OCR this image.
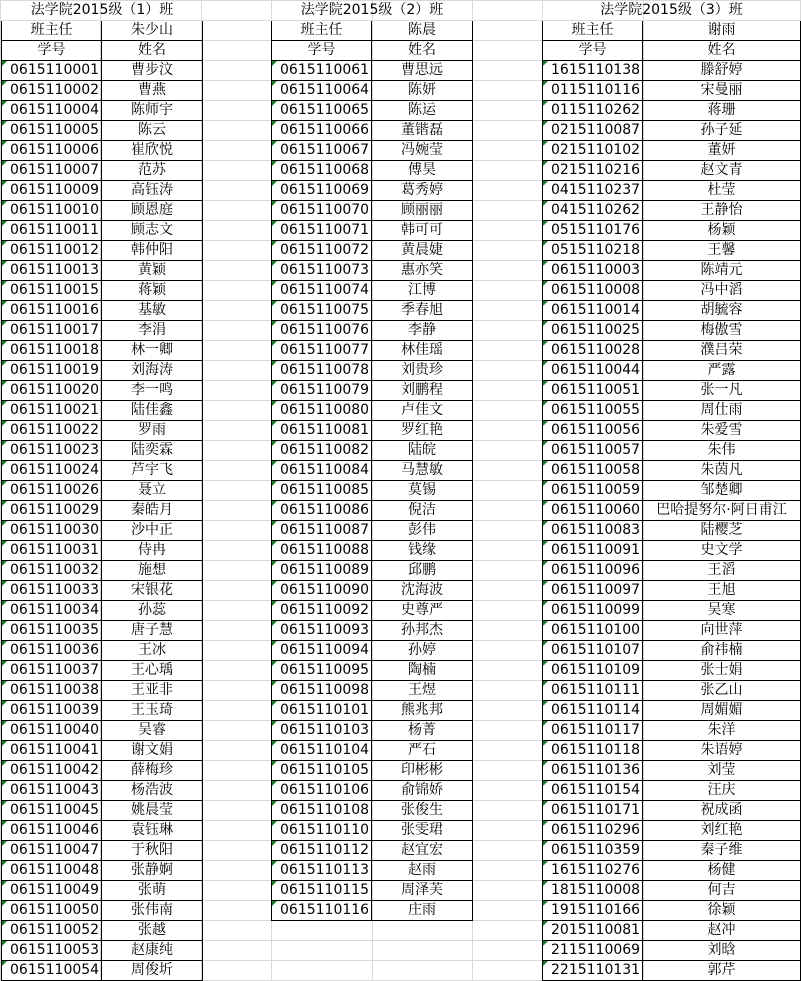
法学院2015级（1）班	
班主任	朱少山
学号	姓名
0615110001	曹步汶
0615110002	曹燕
0615110004	陈师宇
0615110005	陈云
0615110006	崔欣悦
0615110007	范苏
0615110009	高钰涛
0615110010	顾恩庭
0615110011	顾志文
0615110012	韩仲阳
0615110013	黄颖
0615110015	蒋颖
0615110016	基敏
0615110017	李涓
0615110018	林一卿
0615110019	刘海涛
0615110020	李一鸣
0615110021	陆佳鑫
0615110022	罗雨
0615110023	陆奕霖
0615110024	芦宇飞
0615110026	聂立
0615110029	秦皓月
0615110030	沙中正
0615110031	侍冉
0615110032	施想
0615110033	宋银花
0615110034	孙蕊
0615110035	唐子慧
0615110036	王冰
0615110037	王心瑀
0615110038	王亚非
0615110039	王玉琦
0615110040	吴睿
0615110041	谢文娟
0615110042	薛梅珍
0615110043	杨浩波
0615110045	姚晨莹
0615110046	袁钰琳
0615110047	于秋阳
0615110048	张静婀
0615110049	张萌
0615110050	张伟南
0615110052	张越
0615110053	赵康纯
0615110054	周俊圻
法学院2015级（2）班	
班主任	陈晨
学号	姓名
0615110061	曹思远
0615110064	陈妍
0615110065	陈运
0615110066	董锴磊
0615110067	冯婉莹
0615110068	傅昊
0615110069	葛秀婷
0615110070	顾丽丽
0615110071	韩可可
0615110072	黄晨婕
0615110073	惠亦笑
0615110074	江博
0615110075	季春旭
0615110076	李静
0615110077	林佳瑶
0615110078	刘贵珍
0615110079	刘鹏程
0615110080	卢佳文
0615110081	罗红艳
0615110082	陆皖
0615110084	马慧敏
0615110085	莫锡
0615110086	倪洁
0615110087	彭伟
0615110088	钱缘
0615110089	邱鹏
0615110090	沈海波
0615110092	史尊严
0615110093	孙邦杰
0615110094	孙婷
0615110095	陶楠
0615110098	王煜
0615110101	熊兆邦
0615110103	杨菁
0615110104	严石
0615110105	印彬彬
0615110106	俞锦娇
0615110108	张俊生
0615110110	张雯珺
0615110112	赵宜宏
0615110113	赵雨
0615110115	周泽芙
0615110116	庄雨
法学院2015级（3）班	
班主任	谢雨
学号	姓名
1615110138	滕舒婷
0115110116	宋曼丽
0115110262	蒋珊
0215110087	孙子延
0215110102	董妍
0215110216	赵文青
0415110237	杜莹
0415110262	王静怡
0515110176	杨颖
0515110218	王馨
0615110003	陈靖元
0615110008	冯中滔
0615110014	胡毓容
0615110025	梅傲雪
0615110028	濮吕荣
0615110044	严露
0615110051	张一凡
0615110055	周仕雨
0615110056	朱爱雪
0615110057	朱伟
0615110058	朱茵凡
0615110059	邹楚卿
0615110060	巴哈提努尔·阿日甫江
0615110083	陆樱芝
0615110091	史文学
0615110096	王滔
0615110097	王旭
0615110099	吴寒
0615110100	向世萍
0615110107	俞祎楠
0615110109	张士娟
0615110111	张乙山
0615110114	周媚媚
0615110117	朱洋
0615110118	朱语婷
0615110136	刘莹
0615110154	汪庆
0615110171	祝成函
0615110296	刘红艳
0615110359	秦子维
1615110276	杨健
1815110008	何吉
1915110166	徐颖
2015110081	赵冲
2115110069	刘晗
2215110131	郭芹
